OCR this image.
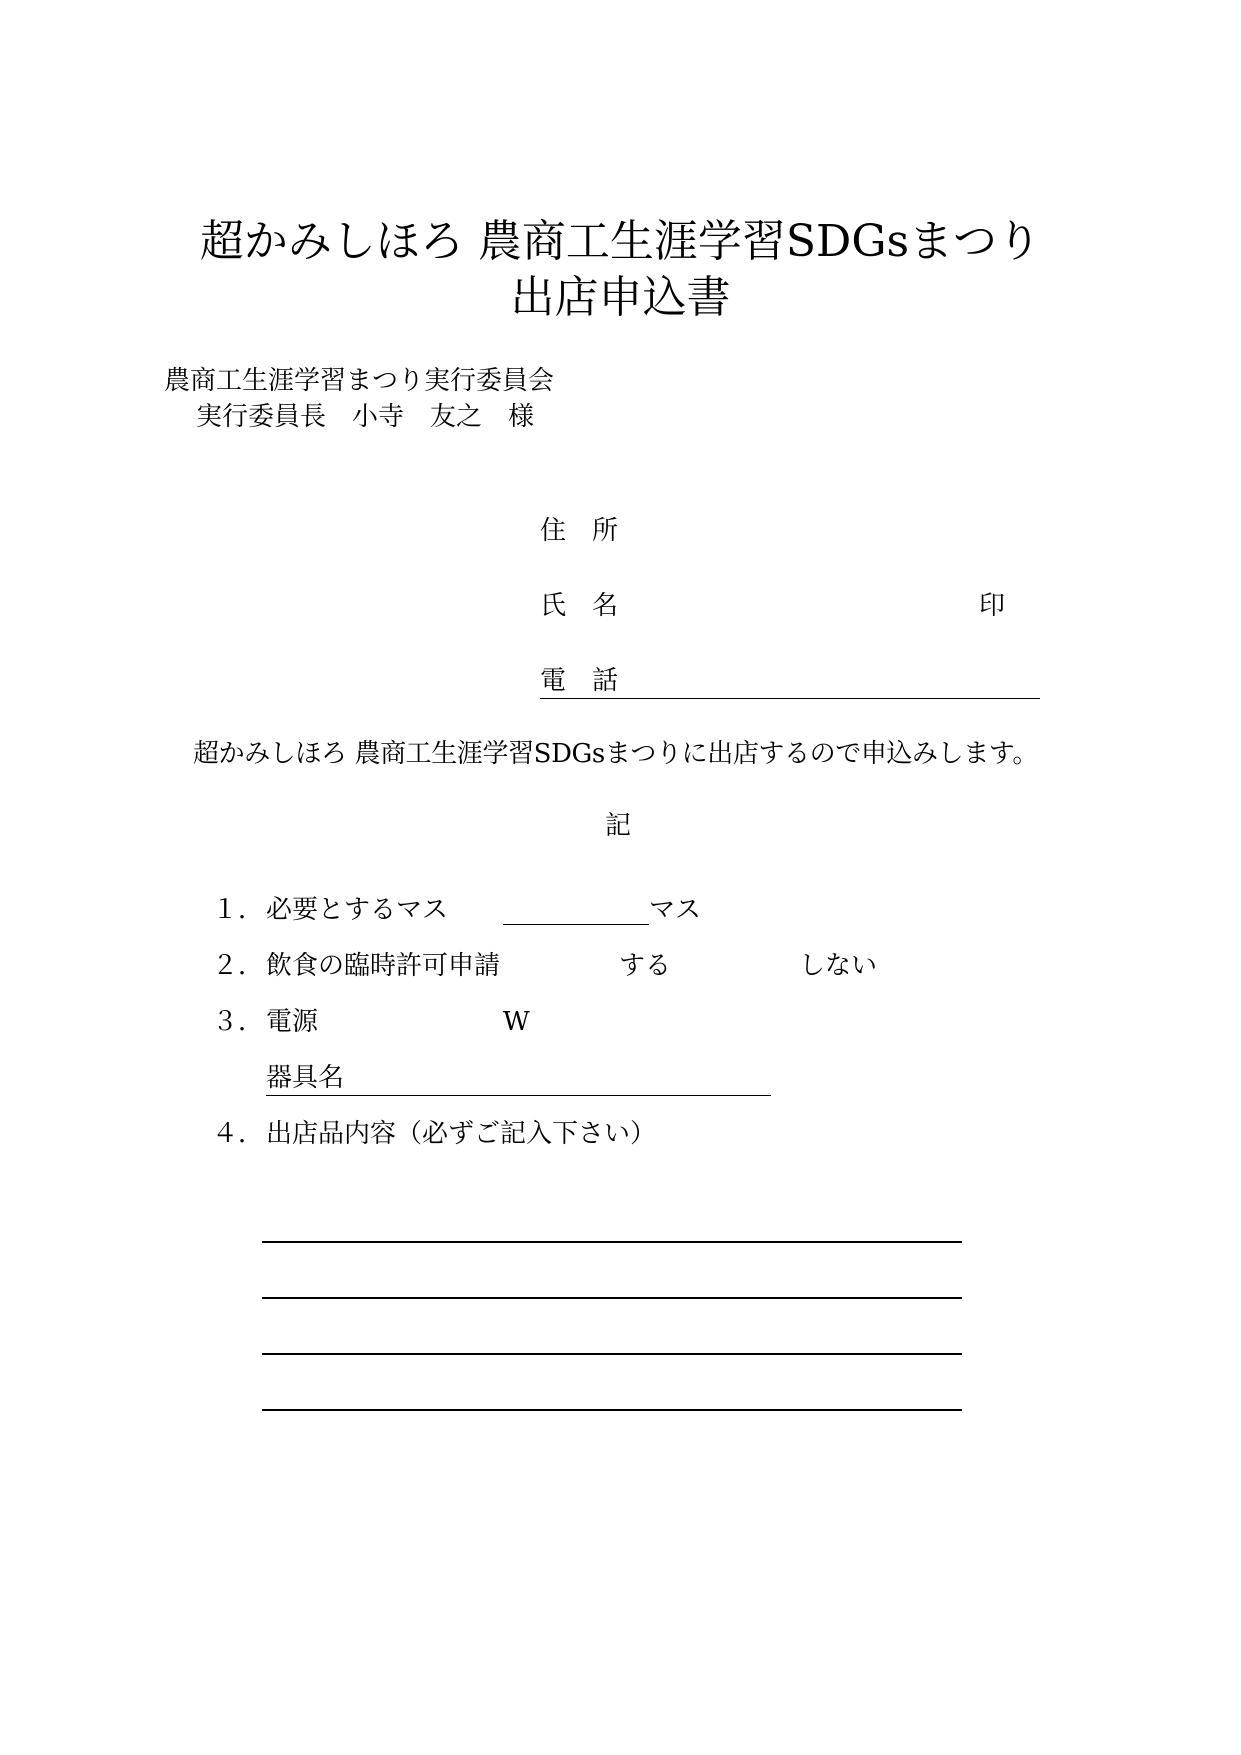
超かみしほろ 農商工生涯学習SDGsまつり
出店申込書
農商工生涯学習まつり実行委員会
実行委員長　小寺　友之　様
住　所
氏　名	印
電　話
超かみしほろ 農商工生涯学習SDGsまつりに出店するので申込みします。
記
１． 必要とするマス	マス
２． 飲食の臨時許可申請	する	しない
３． 電源	W
器具名
４． 出店品内容（必ずご記入下さい）
